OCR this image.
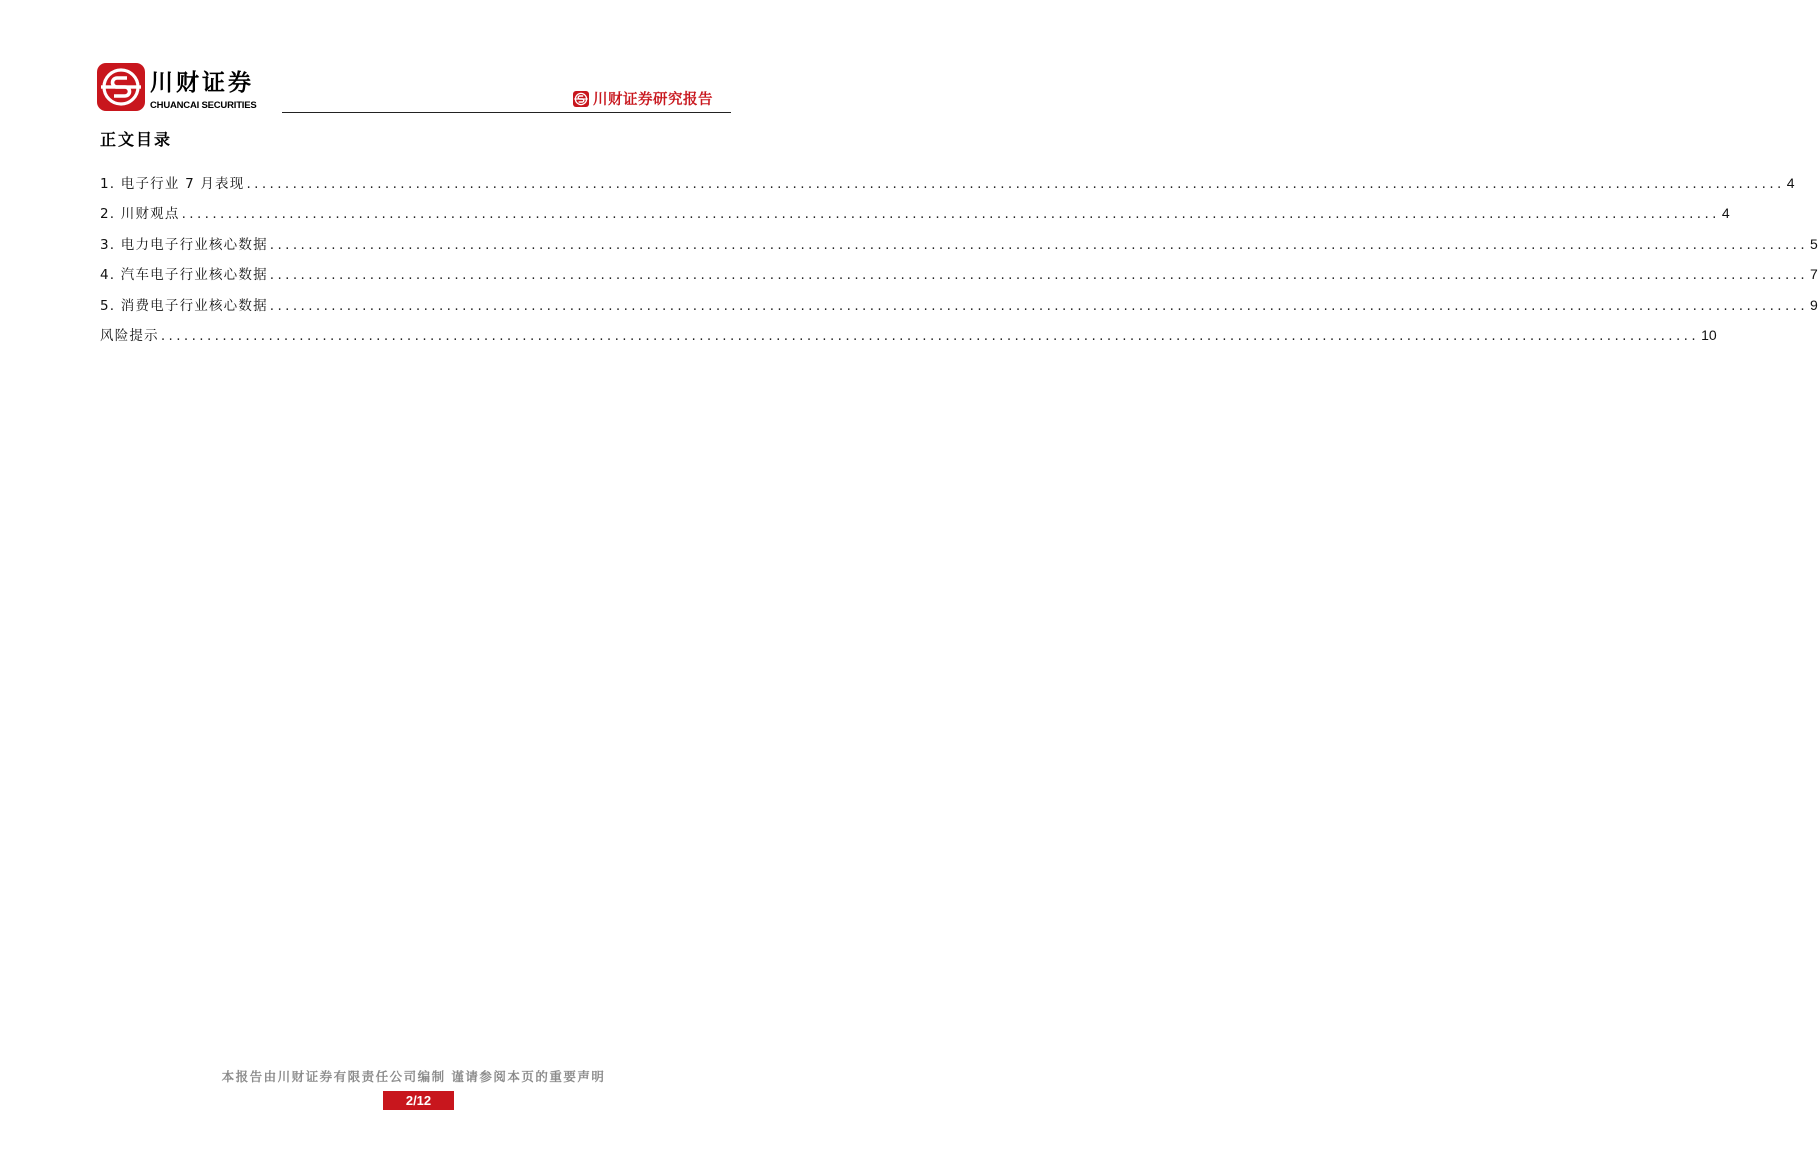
川财证券
CHUANCAI SECURITIES	川财证券研究报告
正文目录
1. 电子行业 7 月表现 ........................................................................................................................................................................................................ 4
2. 川财观点 ........................................................................................................................................................................................................ 4
3. 电力电子行业核心数据 ........................................................................................................................................................................................................ 5
4. 汽车电子行业核心数据 ........................................................................................................................................................................................................ 7
5. 消费电子行业核心数据 ........................................................................................................................................................................................................ 9
风险提示 ........................................................................................................................................................................................................ 10
本报告由川财证券有限责任公司编制 谨请参阅本页的重要声明
2/12
